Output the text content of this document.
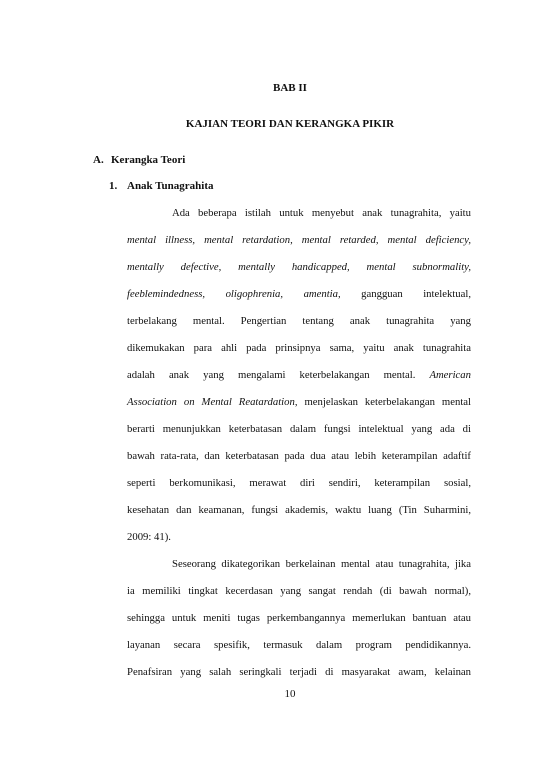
BAB II
KAJIAN TEORI DAN KERANGKA PIKIR
A. Kerangka Teori
1. Anak Tunagrahita
Ada beberapa istilah untuk menyebut anak tunagrahita, yaitu
mental illness, mental retardation, mental retarded, mental deficiency,
mentally defective, mentally handicapped, mental subnormality,
feeblemindedness, oligophrenia, amentia, gangguan intelektual,
terbelakang mental. Pengertian tentang anak tunagrahita yang
dikemukakan para ahli pada prinsipnya sama, yaitu anak tunagrahita
adalah anak yang mengalami keterbelakangan mental. American
Association on Mental Reatardation, menjelaskan keterbelakangan mental
berarti menunjukkan keterbatasan dalam fungsi intelektual yang ada di
bawah rata-rata, dan keterbatasan pada dua atau lebih keterampilan adaftif
seperti berkomunikasi, merawat diri sendiri, keterampilan sosial,
kesehatan dan keamanan, fungsi akademis, waktu luang (Tin Suharmini,
2009: 41).
Seseorang dikategorikan berkelainan mental atau tunagrahita, jika
ia memiliki tingkat kecerdasan yang sangat rendah (di bawah normal),
sehingga untuk meniti tugas perkembangannya memerlukan bantuan atau
layanan secara spesifik, termasuk dalam program pendidikannya.
Penafsiran yang salah seringkali terjadi di masyarakat awam, kelainan
10
